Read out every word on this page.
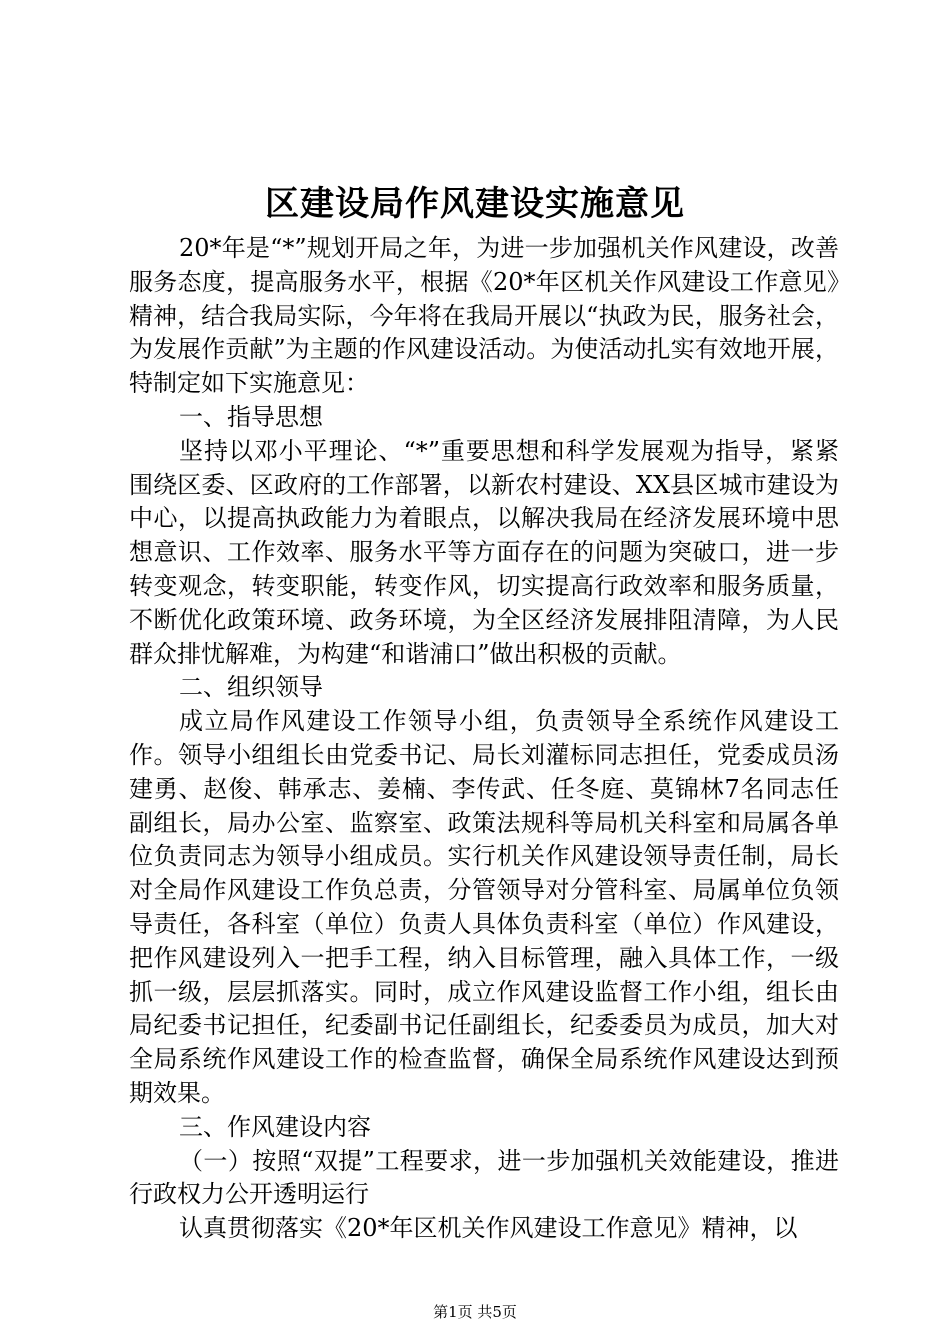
区建设局作风建设实施意见

20*年是“*”规划开局之年，为进一步加强机关作风建设，改善服务态度，提高服务水平，根据《20*年区机关作风建设工作意见》精神，结合我局实际，今年将在我局开展以“执政为民，服务社会，为发展作贡献”为主题的作风建设活动。为使活动扎实有效地开展，特制定如下实施意见：

一、指导思想

坚持以邓小平理论、“*”重要思想和科学发展观为指导，紧紧围绕区委、区政府的工作部署，以新农村建设、XX县区城市建设为中心，以提高执政能力为着眼点，以解决我局在经济发展环境中思想意识、工作效率、服务水平等方面存在的问题为突破口，进一步转变观念，转变职能，转变作风，切实提高行政效率和服务质量，不断优化政策环境、政务环境，为全区经济发展排阻清障，为人民群众排忧解难，为构建“和谐浦口”做出积极的贡献。

二、组织领导

成立局作风建设工作领导小组，负责领导全系统作风建设工作。领导小组组长由党委书记、局长刘灌标同志担任，党委成员汤建勇、赵俊、韩承志、姜楠、李传武、任冬庭、莫锦林7名同志任副组长，局办公室、监察室、政策法规科等局机关科室和局属各单位负责同志为领导小组成员。实行机关作风建设领导责任制，局长对全局作风建设工作负总责，分管领导对分管科室、局属单位负领导责任，各科室（单位）负责人具体负责科室（单位）作风建设，把作风建设列入一把手工程，纳入目标管理，融入具体工作，一级抓一级，层层抓落实。同时，成立作风建设监督工作小组，组长由局纪委书记担任，纪委副书记任副组长，纪委委员为成员，加大对全局系统作风建设工作的检查监督，确保全局系统作风建设达到预期效果。

三、作风建设内容

（一）按照“双提”工程要求，进一步加强机关效能建设，推进行政权力公开透明运行

认真贯彻落实《20*年区机关作风建设工作意见》精神，以

第1页 共5页
